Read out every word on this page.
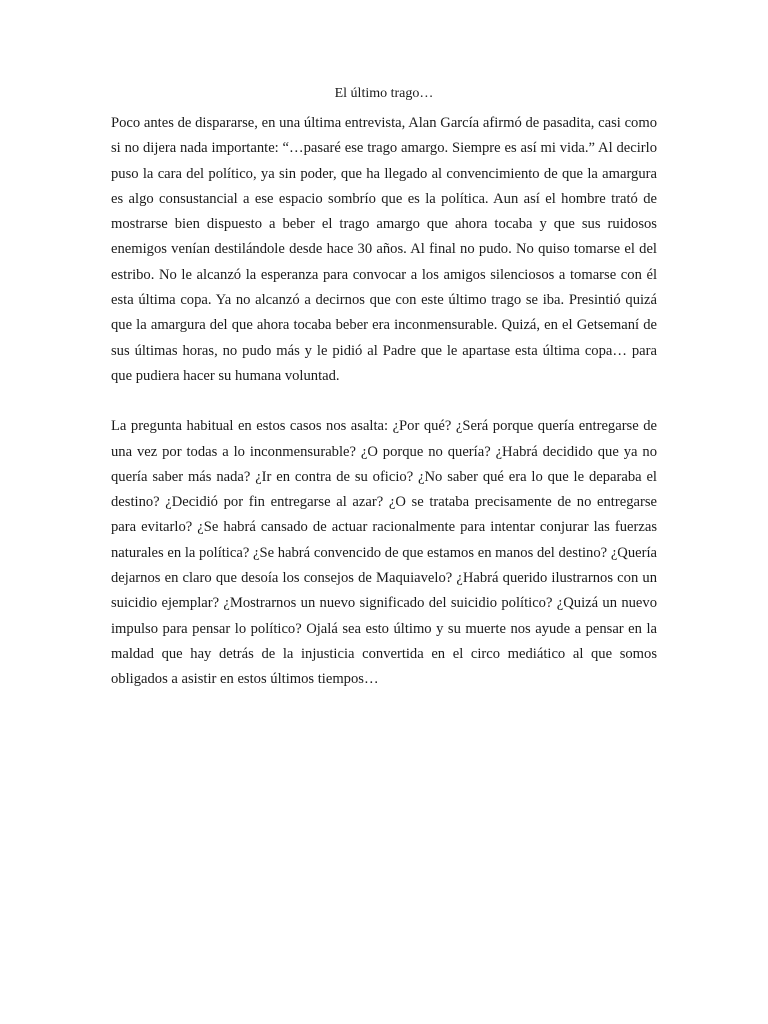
El último trago…

Poco antes de dispararse, en una última entrevista, Alan García afirmó de pasadita, casi como si no dijera nada importante: “…pasaré ese trago amargo. Siempre es así mi vida.” Al decirlo puso la cara del político, ya sin poder, que ha llegado al convencimiento de que la amargura es algo consustancial a ese espacio sombrío que es la política. Aun así el hombre trató de mostrarse bien dispuesto a beber el trago amargo que ahora tocaba y que sus ruidosos enemigos venían destilándole desde hace 30 años. Al final no pudo. No quiso tomarse el del estribo. No le alcanzó la esperanza para convocar a los amigos silenciosos a tomarse con él esta última copa. Ya no alcanzó a decirnos que con este último trago se iba. Presintió quizá que la amargura del que ahora tocaba beber era inconmensurable. Quizá, en el Getsemaní de sus últimas horas, no pudo más y le pidió al Padre que le apartase esta última copa… para que pudiera hacer su humana voluntad.

La pregunta habitual en estos casos nos asalta: ¿Por qué? ¿Será porque quería entregarse de una vez por todas a lo inconmensurable? ¿O porque no quería? ¿Habrá decidido que ya no quería saber más nada? ¿Ir en contra de su oficio? ¿No saber qué era lo que le deparaba el destino? ¿Decidió por fin entregarse al azar? ¿O se trataba precisamente de no entregarse para evitarlo? ¿Se habrá cansado de actuar racionalmente para intentar conjurar las fuerzas naturales en la política? ¿Se habrá convencido de que estamos en manos del destino? ¿Quería dejarnos en claro que desoía los consejos de Maquiavelo? ¿Habrá querido ilustrarnos con un suicidio ejemplar? ¿Mostrarnos un nuevo significado del suicidio político? ¿Quizá un nuevo impulso para pensar lo político? Ojalá sea esto último y su muerte nos ayude a pensar en la maldad que hay detrás de la injusticia convertida en el circo mediático al que somos obligados a asistir en estos últimos tiempos…
